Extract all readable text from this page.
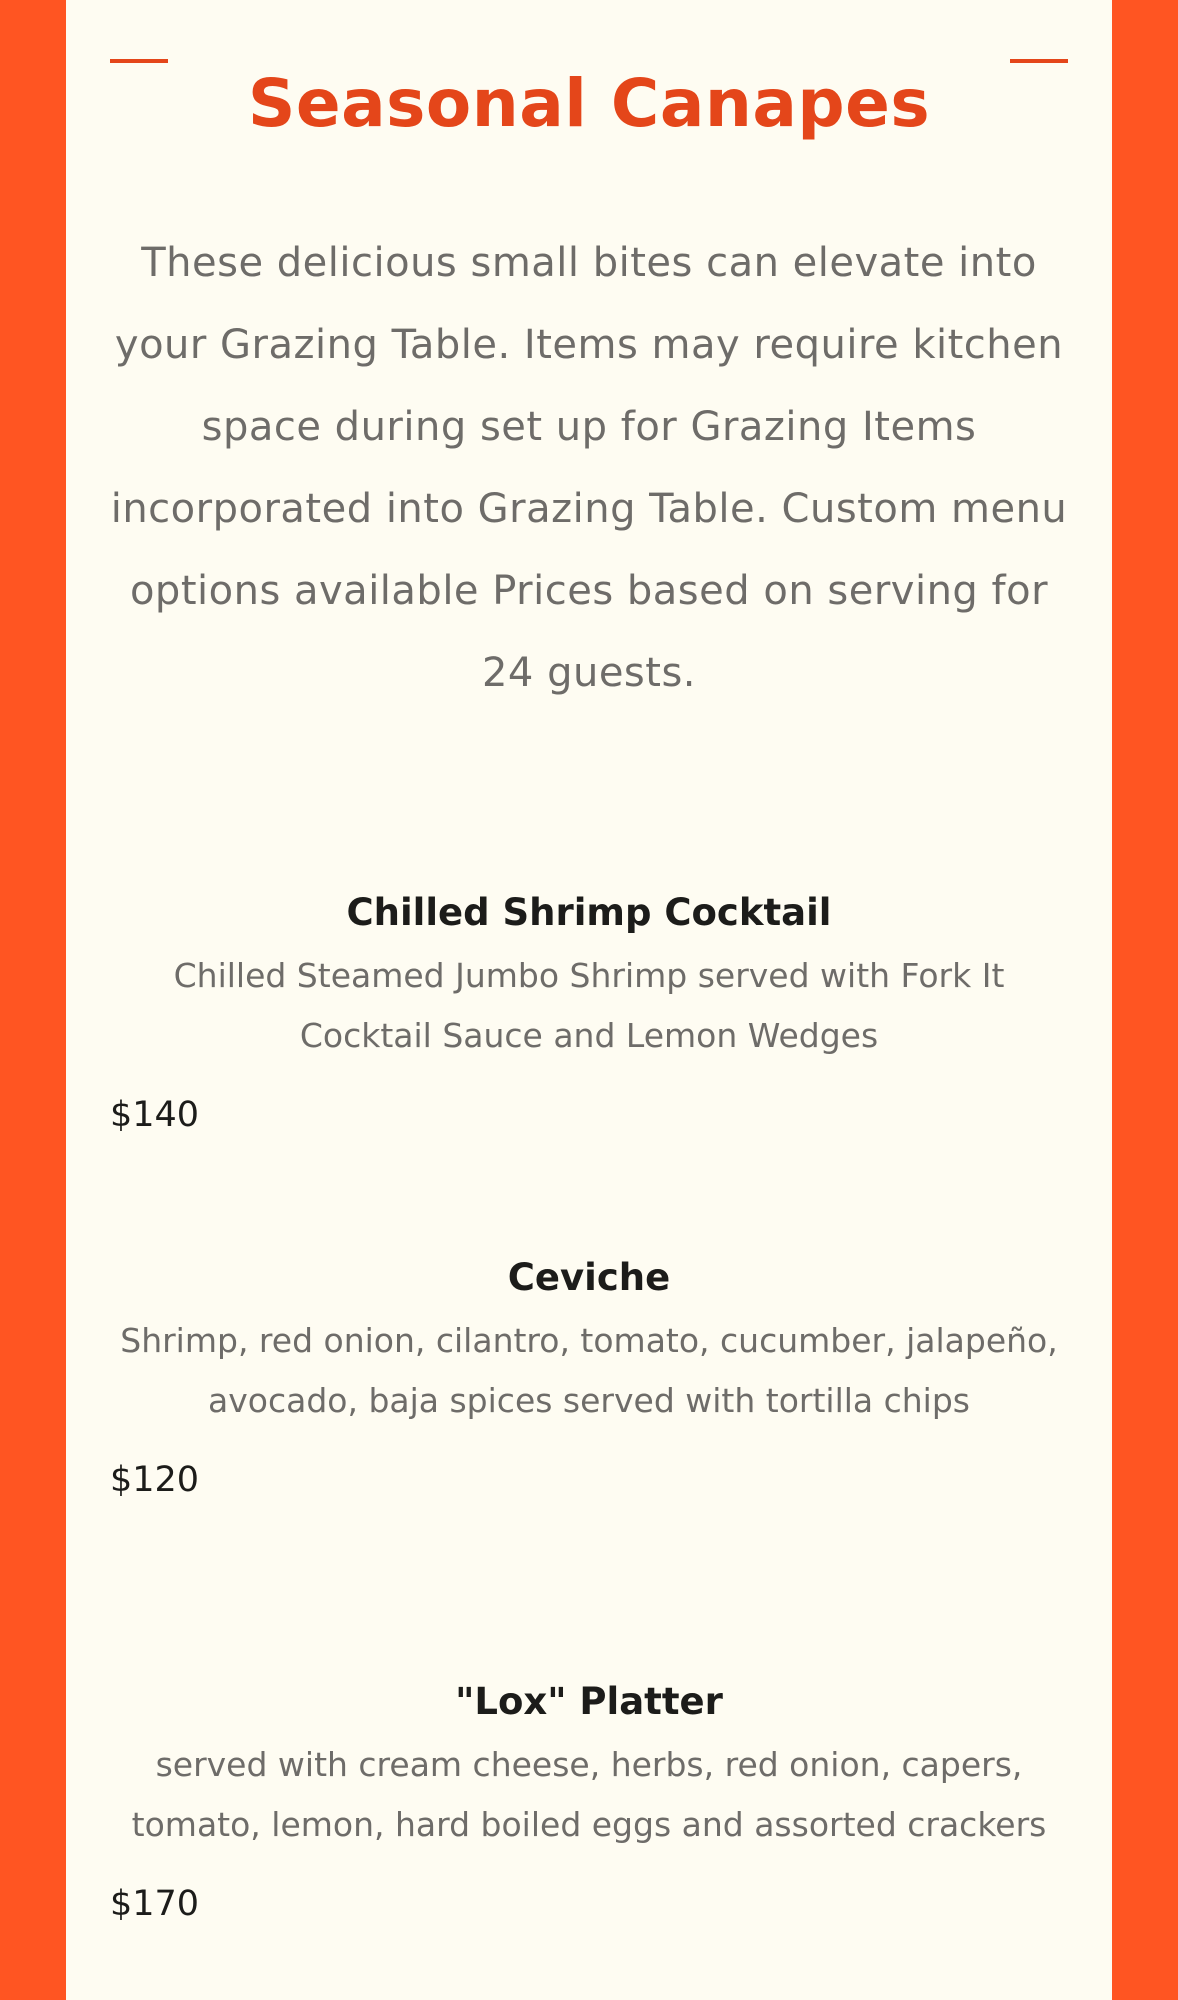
Seasonal Canapes

These delicious small bites can elevate into your Grazing Table. Items may require kitchen space during set up for Grazing Items incorporated into Grazing Table. Custom menu options available Prices based on serving for 24 guests.

Chilled Shrimp Cocktail

Chilled Steamed Jumbo Shrimp served with Fork It Cocktail Sauce and Lemon Wedges

$140

Ceviche

Shrimp, red onion, cilantro, tomato, cucumber, jalapeño, avocado, baja spices served with tortilla chips

$120

"Lox" Platter

served with cream cheese, herbs, red onion, capers, tomato, lemon, hard boiled eggs and assorted crackers

$170
